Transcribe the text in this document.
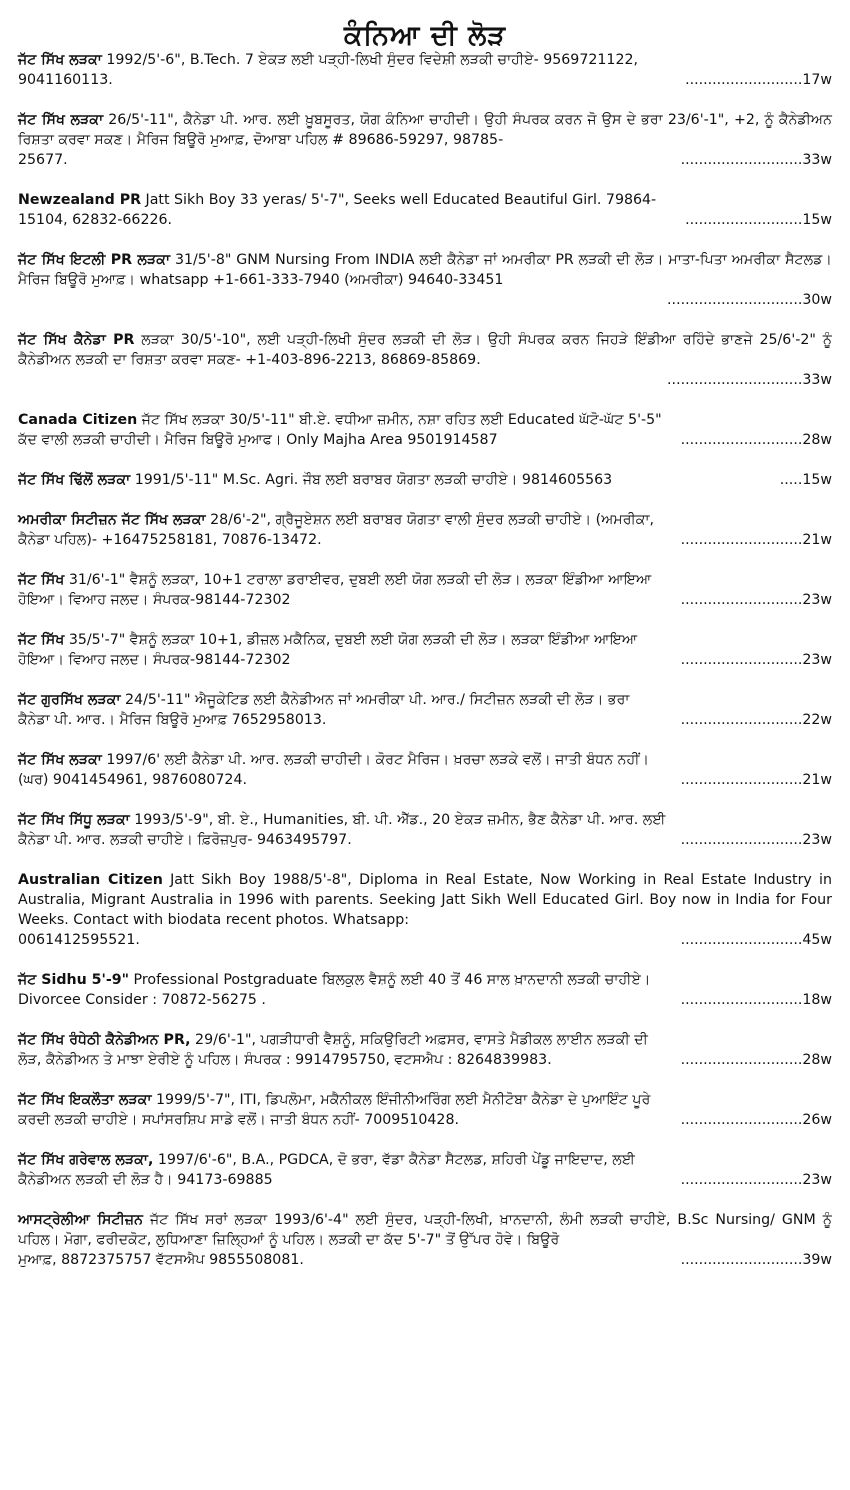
ਕੰਨਿਆ ਦੀ ਲੋੜ
ਜੱਟ ਸਿੱਖ ਲੜਕਾ 1992/5'-6", B.Tech. 7 ਏਕੜ ਲਈ ਪੜ੍ਹੀ-ਲਿਖੀ ਸੁੰਦਰ ਵਿਦੇਸ਼ੀ ਲੜਕੀ ਚਾਹੀਏ- 9569721122,
9041160113.	..........................17w
ਜੱਟ ਸਿੱਖ ਲੜਕਾ 26/5'-11", ਕੈਨੇਡਾ ਪੀ. ਆਰ. ਲਈ ਖ਼ੂਬਸੂਰਤ, ਯੋਗ ਕੰਨਿਆ ਚਾਹੀਦੀ। ਉਹੀ ਸੰਪਰਕ ਕਰਨ ਜੋ ਉਸ ਦੇ ਭਰਾ 23/6'-1", +2, ਨੂੰ ਕੈਨੇਡੀਅਨ ਰਿਸ਼ਤਾ ਕਰਵਾ ਸਕਣ। ਮੈਰਿਜ ਬਿਊਰੋ ਮੁਆਫ਼, ਦੋਆਬਾ ਪਹਿਲ # 89686-59297, 98785-
25677.	...........................33w
Newzealand PR Jatt Sikh Boy 33 yeras/ 5'-7", Seeks well Educated Beautiful Girl. 79864-
15104, 62832-66226.	..........................15w
ਜੱਟ ਸਿੱਖ ਇਟਲੀ PR ਲੜਕਾ 31/5'-8" GNM Nursing From INDIA ਲਈ ਕੈਨੇਡਾ ਜਾਂ ਅਮਰੀਕਾ PR ਲੜਕੀ ਦੀ ਲੋੜ। ਮਾਤਾ-ਪਿਤਾ ਅਮਰੀਕਾ ਸੈਟਲਡ। ਮੈਰਿਜ ਬਿਊਰੋ ਮੁਆਫ਼। whatsapp +1-661-333-7940 (ਅਮਰੀਕਾ) 94640-33451
..............................30w
ਜੱਟ ਸਿੱਖ ਕੈਨੇਡਾ PR ਲੜਕਾ 30/5'-10", ਲਈ ਪੜ੍ਹੀ-ਲਿਖੀ ਸੁੰਦਰ ਲੜਕੀ ਦੀ ਲੋੜ। ਉਹੀ ਸੰਪਰਕ ਕਰਨ ਜਿਹੜੇ ਇੰਡੀਆ ਰਹਿੰਦੇ ਭਾਣਜੇ 25/6'-2" ਨੂੰ ਕੈਨੇਡੀਅਨ ਲੜਕੀ ਦਾ ਰਿਸ਼ਤਾ ਕਰਵਾ ਸਕਣ- +1-403-896-2213, 86869-85869.
..............................33w
Canada Citizen ਜੱਟ ਸਿੱਖ ਲੜਕਾ 30/5'-11" ਬੀ.ਏ. ਵਧੀਆ ਜ਼ਮੀਨ, ਨਸ਼ਾ ਰਹਿਤ ਲਈ Educated ਘੱਟੋ-ਘੱਟ 5'-5"
ਕੱਦ ਵਾਲੀ ਲੜਕੀ ਚਾਹੀਦੀ। ਮੈਰਿਜ ਬਿਊਰੋ ਮੁਆਫ। Only Majha Area 9501914587	...........................28w
ਜੱਟ ਸਿੱਖ ਢਿੱਲੋਂ ਲੜਕਾ 1991/5'-11" M.Sc. Agri. ਜੌਬ ਲਈ ਬਰਾਬਰ ਯੋਗਤਾ ਲੜਕੀ ਚਾਹੀਏ। 9814605563	.....15w
ਅਮਰੀਕਾ ਸਿਟੀਜ਼ਨ ਜੱਟ ਸਿੱਖ ਲੜਕਾ 28/6'-2", ਗ੍ਰੈਜੂਏਸ਼ਨ ਲਈ ਬਰਾਬਰ ਯੋਗਤਾ ਵਾਲੀ ਸੁੰਦਰ ਲੜਕੀ ਚਾਹੀਏ। (ਅਮਰੀਕਾ,
ਕੈਨੇਡਾ ਪਹਿਲ)- +16475258181, 70876-13472.	...........................21w
ਜੱਟ ਸਿੱਖ 31/6'-1" ਵੈਸ਼ਨੂੰ ਲੜਕਾ, 10+1 ਟਰਾਲਾ ਡਰਾਈਵਰ, ਦੁਬਈ ਲਈ ਯੋਗ ਲੜਕੀ ਦੀ ਲੋੜ। ਲੜਕਾ ਇੰਡੀਆ ਆਇਆ
ਹੋਇਆ। ਵਿਆਹ ਜਲਦ। ਸੰਪਰਕ-98144-72302	...........................23w
ਜੱਟ ਸਿੱਖ 35/5'-7" ਵੈਸ਼ਨੂੰ ਲੜਕਾ 10+1, ਡੀਜ਼ਲ ਮਕੈਨਿਕ, ਦੁਬਈ ਲਈ ਯੋਗ ਲੜਕੀ ਦੀ ਲੋੜ। ਲੜਕਾ ਇੰਡੀਆ ਆਇਆ
ਹੋਇਆ। ਵਿਆਹ ਜਲਦ। ਸੰਪਰਕ-98144-72302	...........................23w
ਜੱਟ ਗੁਰਸਿੱਖ ਲੜਕਾ 24/5'-11" ਐਜੂਕੇਟਿਡ ਲਈ ਕੈਨੇਡੀਅਨ ਜਾਂ ਅਮਰੀਕਾ ਪੀ. ਆਰ./ ਸਿਟੀਜ਼ਨ ਲੜਕੀ ਦੀ ਲੋੜ। ਭਰਾ
ਕੈਨੇਡਾ ਪੀ. ਆਰ.। ਮੈਰਿਜ ਬਿਊਰੋ ਮੁਆਫ਼ 7652958013.	...........................22w
ਜੱਟ ਸਿੱਖ ਲੜਕਾ 1997/6' ਲਈ ਕੈਨੇਡਾ ਪੀ. ਆਰ. ਲੜਕੀ ਚਾਹੀਦੀ। ਕੋਰਟ ਮੈਰਿਜ। ਖ਼ਰਚਾ ਲੜਕੇ ਵਲੋਂ। ਜਾਤੀ ਬੰਧਨ ਨਹੀਂ।
(ਘਰ) 9041454961, 9876080724.	...........................21w
ਜੱਟ ਸਿੱਖ ਸਿੱਧੂ ਲੜਕਾ 1993/5'-9", ਬੀ. ਏ., Humanities, ਬੀ. ਪੀ. ਐੱਡ., 20 ਏਕੜ ਜ਼ਮੀਨ, ਭੈਣ ਕੈਨੇਡਾ ਪੀ. ਆਰ. ਲਈ
ਕੈਨੇਡਾ ਪੀ. ਆਰ. ਲੜਕੀ ਚਾਹੀਏ। ਫ਼ਿਰੋਜ਼ਪੁਰ- 9463495797.	...........................23w
Australian Citizen Jatt Sikh Boy 1988/5'-8", Diploma in Real Estate, Now Working in Real Estate Industry in Australia, Migrant Australia in 1996 with parents. Seeking Jatt Sikh Well Educated Girl. Boy now in India for Four Weeks. Contact with biodata recent photos. Whatsapp:
0061412595521.	...........................45w
ਜੱਟ Sidhu 5'-9" Professional Postgraduate ਬਿਲਕੁਲ ਵੈਸ਼ਨੂੰ ਲਈ 40 ਤੋਂ 46 ਸਾਲ ਖ਼ਾਨਦਾਨੀ ਲੜਕੀ ਚਾਹੀਏ।
Divorcee Consider : 70872-56275 .	...........................18w
ਜੱਟ ਸਿੱਖ ਰੰਧੇਠੀ ਕੈਨੇਡੀਅਨ PR, 29/6'-1", ਪਗੜੀਧਾਰੀ ਵੈਸ਼ਨੂੰ, ਸਕਿਉਰਿਟੀ ਅਫ਼ਸਰ, ਵਾਸਤੇ ਮੈਡੀਕਲ ਲਾਈਨ ਲੜਕੀ ਦੀ
ਲੋੜ, ਕੈਨੇਡੀਅਨ ਤੇ ਮਾਝਾ ਏਰੀਏ ਨੂੰ ਪਹਿਲ। ਸੰਪਰਕ : 9914795750, ਵਟਸਐਪ : 8264839983.	...........................28w
ਜੱਟ ਸਿੱਖ ਇਕਲੌਤਾ ਲੜਕਾ 1999/5'-7", ITI, ਡਿਪਲੋਮਾ, ਮਕੈਨੀਕਲ ਇੰਜੀਨੀਅਰਿੰਗ ਲਈ ਮੈਨੀਟੋਬਾ ਕੈਨੇਡਾ ਦੇ ਪੁਆਇੰਟ ਪੂਰੇ
ਕਰਦੀ ਲੜਕੀ ਚਾਹੀਏ। ਸਪਾਂਸਰਸ਼ਿਪ ਸਾਡੇ ਵਲੋਂ। ਜਾਤੀ ਬੰਧਨ ਨਹੀਂ- 7009510428.	...........................26w
ਜੱਟ ਸਿੱਖ ਗਰੇਵਾਲ ਲੜਕਾ, 1997/6'-6", B.A., PGDCA, ਦੋ ਭਰਾ, ਵੱਡਾ ਕੈਨੇਡਾ ਸੈਟਲਡ, ਸ਼ਹਿਰੀ ਪੇਂਡੂ ਜਾਇਦਾਦ, ਲਈ
ਕੈਨੇਡੀਅਨ ਲੜਕੀ ਦੀ ਲੋੜ ਹੈ। 94173-69885	...........................23w
ਆਸਟ੍ਰੇਲੀਆ ਸਿਟੀਜ਼ਨ ਜੱਟ ਸਿੱਖ ਸਰਾਂ ਲੜਕਾ 1993/6'-4" ਲਈ ਸੁੰਦਰ, ਪੜ੍ਹੀ-ਲਿਖੀ, ਖ਼ਾਨਦਾਨੀ, ਲੰਮੀ ਲੜਕੀ ਚਾਹੀਏ, B.Sc Nursing/ GNM ਨੂੰ ਪਹਿਲ। ਮੋਗਾ, ਫਰੀਦਕੋਟ, ਲੁਧਿਆਣਾ ਜ਼ਿਲ੍ਹਿਆਂ ਨੂੰ ਪਹਿਲ। ਲੜਕੀ ਦਾ ਕੱਦ 5'-7" ਤੋਂ ਉੱਪਰ ਹੋਵੇ। ਬਿਊਰੋ
ਮੁਆਫ਼, 8872375757 ਵੱਟਸਐਪ 9855508081.	...........................39w
